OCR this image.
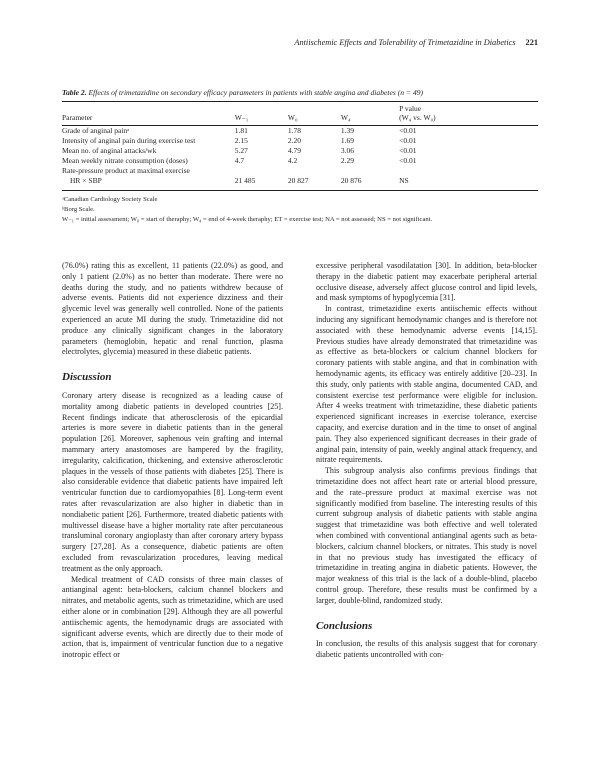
Antiischemic Effects and Tolerability of Trimetazidine in Diabetics 221
Table 2. Effects of trimetazidine on secondary efficacy parameters in patients with stable angina and diabetes (n = 49)
Parameter	W₋₁	W₀	W₄	P value
(W₄ vs. W₀)

Grade of anginal painᵃ	1.81	1.78	1.39	<0.01
Intensity of anginal pain during exercise test	2.15	2.20	1.69	<0.01
Mean no. of anginal attacks/wk	5.27	4.79	3.06	<0.01
Mean weekly nitrate consumption (doses)	4.7	4.2	2.29	<0.01
Rate-pressure product at maximal exercise				
HR × SBP	21 485	20 827	20 876	NS
ᵃCanadian Cardiology Society Scale
ᵇBorg Scale.
W₋₁ = initial assessment; W₀ = start of theraphy; W₄ = end of 4-week theraphy; ET = exercise test; NA = not assessed; NS = not significant.

(76.0%) rating this as excellent, 11 patients (22.0%) as good, and only 1 patient (2.0%) as no better than moderate. There were no deaths during the study, and no patients withdrew because of adverse events. Patients did not experience dizziness and their glycemic level was generally well controlled. None of the patients experienced an acute MI during the study. Trimetazidine did not produce any clinically significant changes in the laboratory parameters (hemoglobin, hepatic and renal function, plasma electrolytes, glycemia) measured in these diabetic patients.

Discussion

Coronary artery disease is recognized as a leading cause of mortality among diabetic patients in developed countries [25]. Recent findings indicate that atherosclerosis of the epicardial arteries is more severe in diabetic patients than in the general population [26]. Moreover, saphenous vein grafting and internal mammary artery anastomoses are hampered by the fragility, irregularity, calcification, thickening, and extensive atherosclerotic plaques in the vessels of those patients with diabetes [25]. There is also considerable evidence that diabetic patients have impaired left ventricular function due to cardiomyopathies [8]. Long-term event rates after revascularization are also higher in diabetic than in nondiabetic patient [26]. Furthermore, treated diabetic patients with multivessel disease have a higher mortality rate after percutaneous transluminal coronary angioplasty than after coronary artery bypass surgery [27,28]. As a consequence, diabetic patients are often excluded from revascularization procedures, leaving medical treatment as the only approach.

Medical treatment of CAD consists of three main classes of antianginal agent: beta-blockers, calcium channel blockers and nitrates, and metabolic agents, such as trimetazidine, which are used either alone or in combination [29]. Although they are all powerful antiischemic agents, the hemodynamic drugs are associated with significant adverse events, which are directly due to their mode of action, that is, impairment of ventricular function due to a negative inotropic effect or

excessive peripheral vasodilatation [30]. In addition, beta-blocker therapy in the diabetic patient may exacerbate peripheral arterial occlusive disease, adversely affect glucose control and lipid levels, and mask symptoms of hypoglycemia [31].

In contrast, trimetazidine exerts antiischemic effects without inducing any significant hemodynamic changes and is therefore not associated with these hemodynamic adverse events [14,15]. Previous studies have already demonstrated that trimetazidine was as effective as beta-blockers or calcium channel blockers for coronary patients with stable angina, and that in combination with hemodynamic agents, its efficacy was entirely additive [20–23]. In this study, only patients with stable angina, documented CAD, and consistent exercise test performance were eligible for inclusion. After 4 weeks treatment with trimetazidine, these diabetic patients experienced significant increases in exercise tolerance, exercise capacity, and exercise duration and in the time to onset of anginal pain. They also experienced significant decreases in their grade of anginal pain, intensity of pain, weekly anginal attack frequency, and nitrate requirements.

This subgroup analysis also confirms previous findings that trimetazidine does not affect heart rate or arterial blood pressure, and the rate–pressure product at maximal exercise was not significantly modified from baseline. The interesting results of this current subgroup analysis of diabetic patients with stable angina suggest that trimetazidine was both effective and well tolerated when combined with conventional antianginal agents such as beta-blockers, calcium channel blockers, or nitrates. This study is novel in that no previous study has investigated the efficacy of trimetazidine in treating angina in diabetic patients. However, the major weakness of this trial is the lack of a double-blind, placebo control group. Therefore, these results must be confirmed by a larger, double-blind, randomized study.

Conclusions

In conclusion, the results of this analysis suggest that for coronary diabetic patients uncontrolled with con-
